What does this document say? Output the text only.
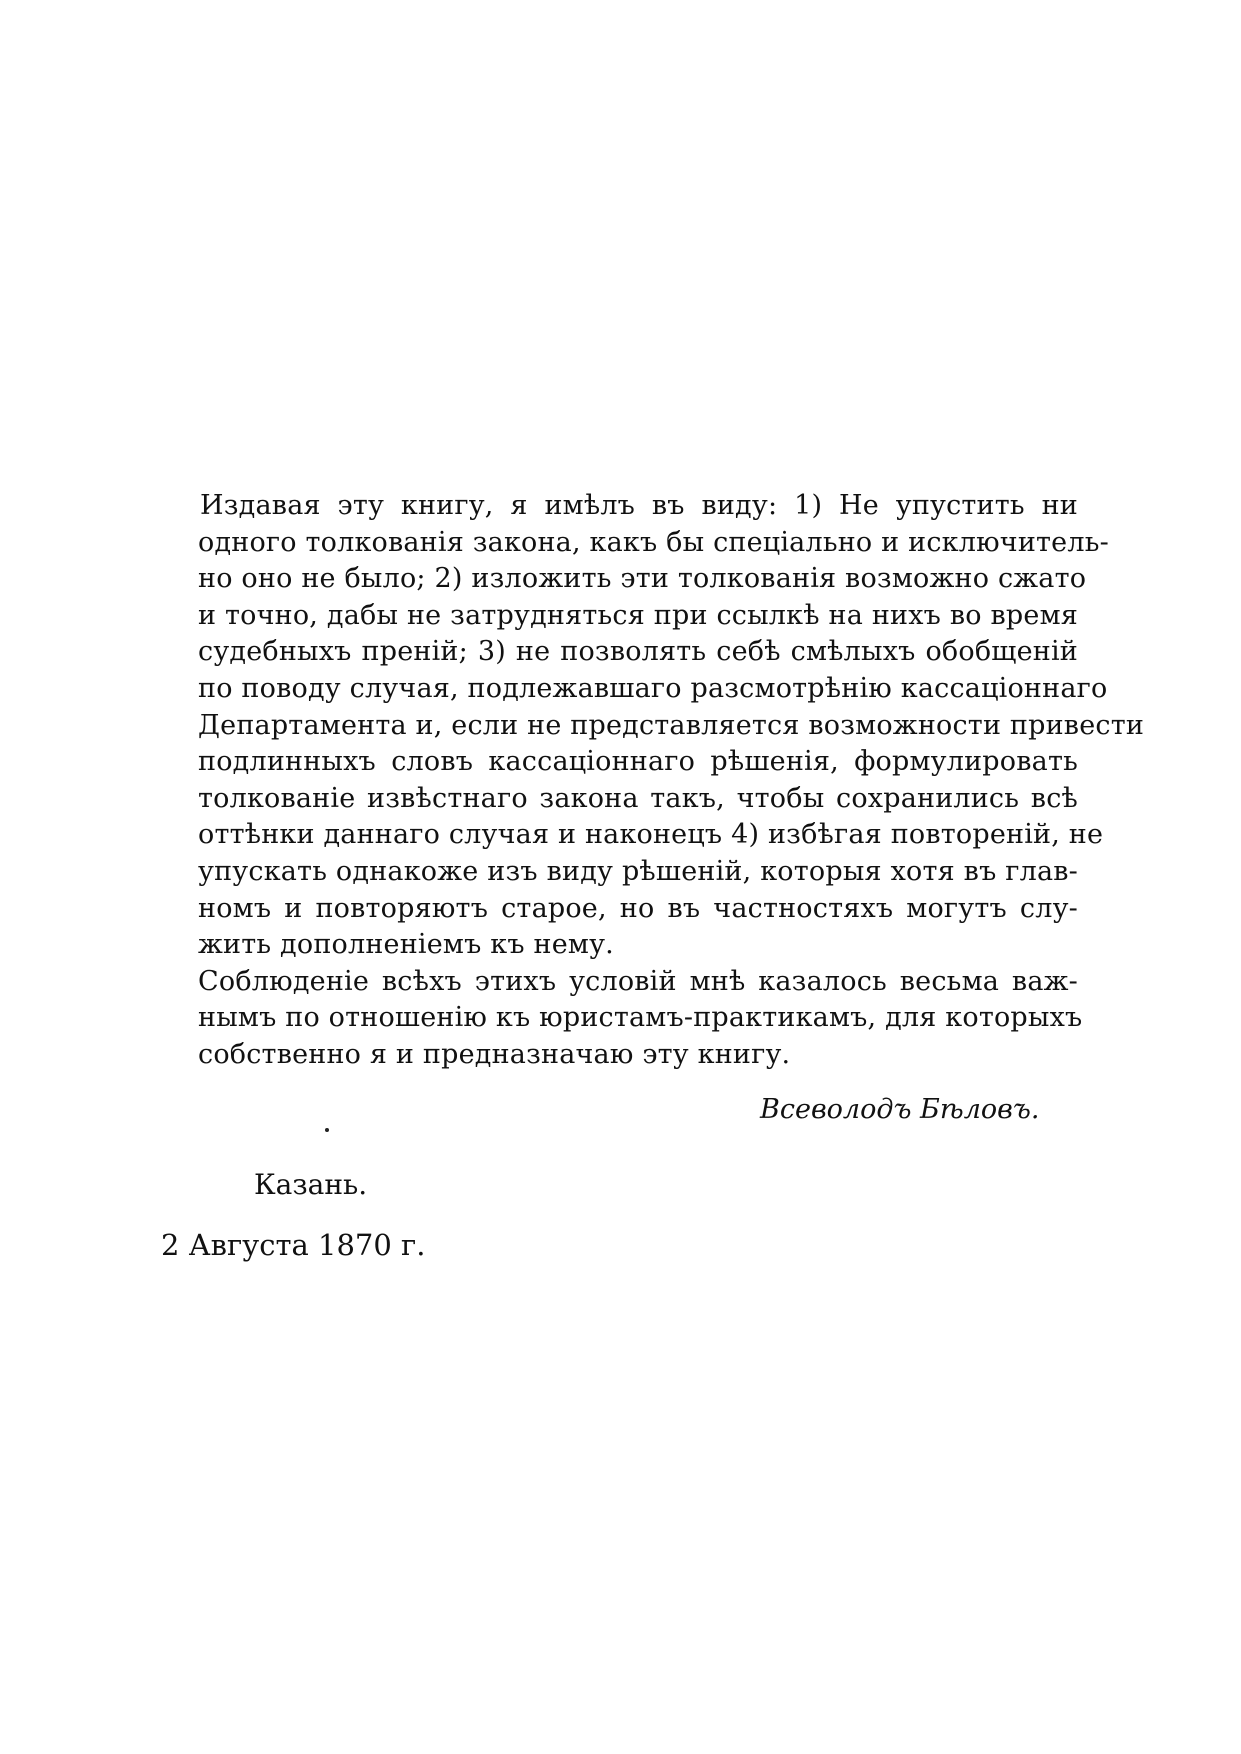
Издавая эту книгу, я имѣлъ въ виду: 1) Не упустить ни
одного толкованія закона, какъ бы спеціально и исключитель-
но оно не было; 2) изложить эти толкованія возможно сжато
и точно, дабы не затрудняться при ссылкѣ на нихъ во время
судебныхъ преній; 3) не позволять себѣ смѣлыхъ обобщеній
по поводу случая, подлежавшаго разсмотрѣнію кассаціоннаго
Департамента и, если не представляется возможности привести
подлинныхъ словъ кассаціоннаго рѣшенія, формулировать
толкованіе извѣстнаго закона такъ, чтобы сохранились всѣ
оттѣнки даннаго случая и наконецъ 4) избѣгая повтореній, не
упускать однакоже изъ виду рѣшеній, которыя хотя въ глав-
номъ и повторяютъ старое, но въ частностяхъ могутъ слу-
жить дополненіемъ къ нему.
Соблюденіе всѣхъ этихъ условій мнѣ казалось весьма важ-
нымъ по отношенію къ юристамъ-практикамъ, для которыхъ
собственно я и предназначаю эту книгу.
Всеволодъ Бѣловъ.
Казань.
2 Августа 1870 г.
